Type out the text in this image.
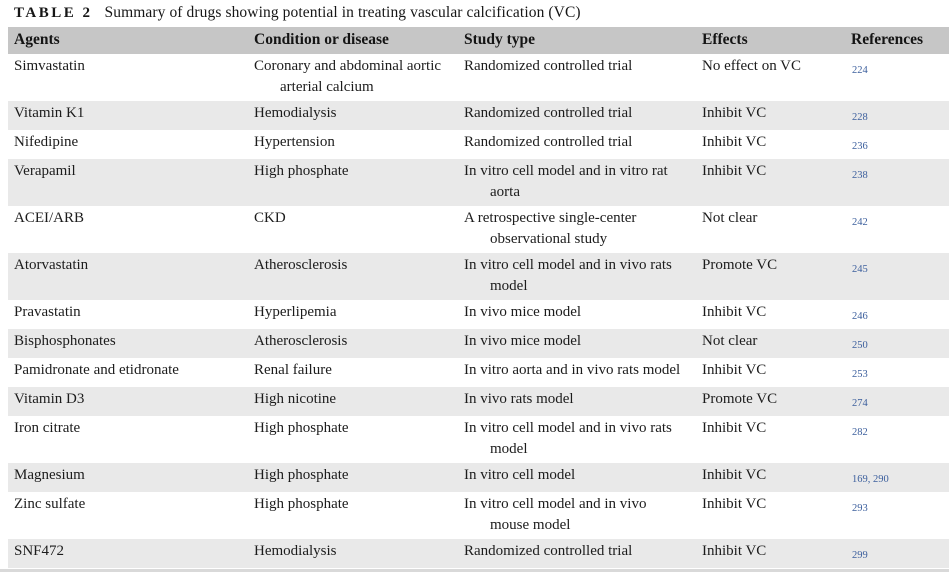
TABLE 2 Summary of drugs showing potential in treating vascular calcification (VC)
Agents	Condition or disease	Study type	Effects	References

Simvastatin	Coronary and abdominal aortic arterial calcium	Randomized controlled trial	No effect on VC	224

Vitamin K1	Hemodialysis	Randomized controlled trial	Inhibit VC	228

Nifedipine	Hypertension	Randomized controlled trial	Inhibit VC	236

Verapamil	High phosphate	In vitro cell model and in vitro rat aorta	Inhibit VC	238

ACEI/ARB	CKD	A retrospective single-center observational study	Not clear	242

Atorvastatin	Atherosclerosis	In vitro cell model and in vivo rats model	Promote VC	245

Pravastatin	Hyperlipemia	In vivo mice model	Inhibit VC	246

Bisphosphonates	Atherosclerosis	In vivo mice model	Not clear	250

Pamidronate and etidronate	Renal failure	In vitro aorta and in vivo rats model	Inhibit VC	253

Vitamin D3	High nicotine	In vivo rats model	Promote VC	274

Iron citrate	High phosphate	In vitro cell model and in vivo rats model	Inhibit VC	282

Magnesium	High phosphate	In vitro cell model	Inhibit VC	169, 290

Zinc sulfate	High phosphate	In vitro cell model and in vivo mouse model	Inhibit VC	293

SNF472	Hemodialysis	Randomized controlled trial	Inhibit VC	299
